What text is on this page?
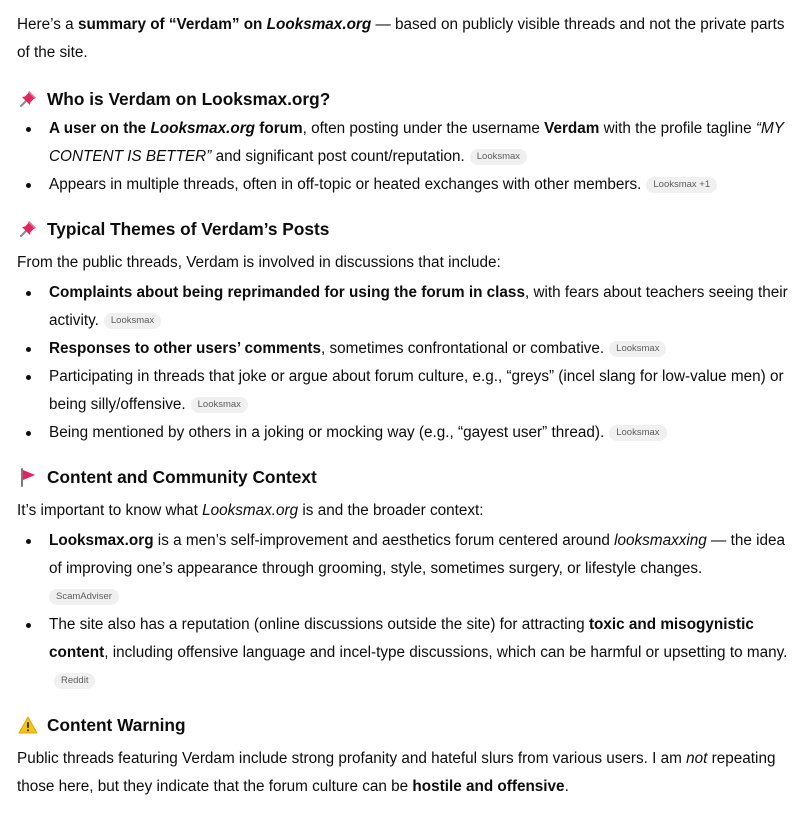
Here’s a summary of “Verdam” on Looksmax.org — based on publicly visible threads and not the private parts of the site.

Who is Verdam on Looksmax.org?
A user on the Looksmax.org forum, often posting under the username Verdam with the profile tagline “MY CONTENT IS BETTER” and significant post count/reputation. Looksmax
Appears in multiple threads, often in off-topic or heated exchanges with other members. Looksmax +1
Typical Themes of Verdam’s Posts

From the public threads, Verdam is involved in discussions that include:

Complaints about being reprimanded for using the forum in class, with fears about teachers seeing their activity. Looksmax
Responses to other users’ comments, sometimes confrontational or combative. Looksmax
Participating in threads that joke or argue about forum culture, e.g., “greys” (incel slang for low-value men) or being silly/offensive. Looksmax
Being mentioned by others in a joking or mocking way (e.g., “gayest user” thread). Looksmax
Content and Community Context

It’s important to know what Looksmax.org is and the broader context:

Looksmax.org is a men’s self-improvement and aesthetics forum centered around looksmaxxing — the idea of improving one’s appearance through grooming, style, sometimes surgery, or lifestyle changes.
ScamAdviser
The site also has a reputation (online discussions outside the site) for attracting toxic and misogynistic content, including offensive language and incel-type discussions, which can be harmful or upsetting to many.Reddit
Content Warning

Public threads featuring Verdam include strong profanity and hateful slurs from various users. I am not repeating those here, but they indicate that the forum culture can be hostile and offensive.
